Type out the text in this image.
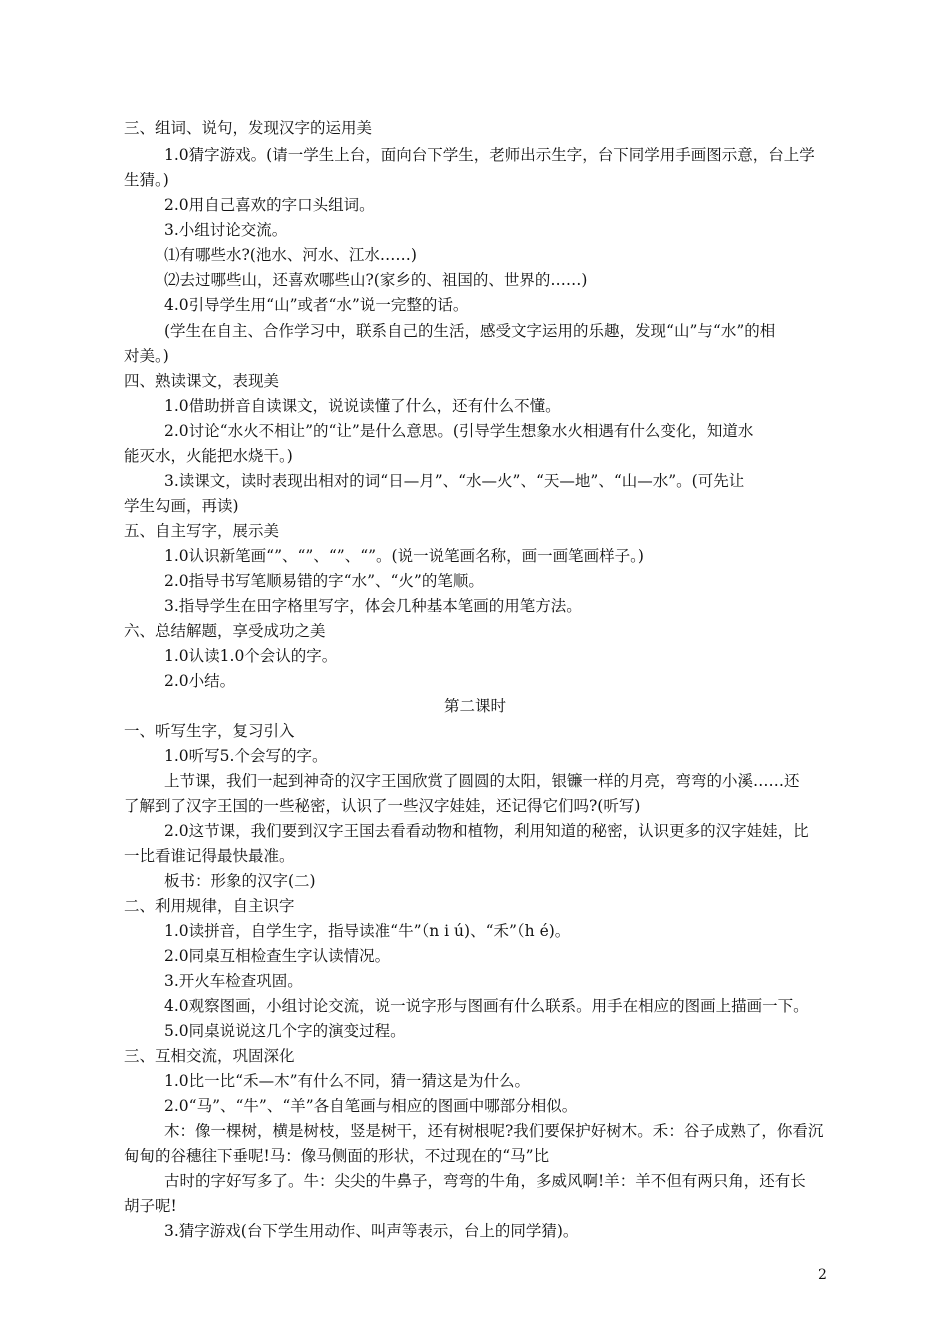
三、组词、说句，发现汉字的运用美

1.0猜字游戏。(请一学生上台，面向台下学生，老师出示生字，台下同学用手画图示意，台上学

生猜。)

2.0用自己喜欢的字口头组词。

3.小组讨论交流。

⑴有哪些水?(池水、河水、江水……)

⑵去过哪些山，还喜欢哪些山?(家乡的、祖国的、世界的……)

4.0引导学生用“山”或者“水”说一完整的话。

(学生在自主、合作学习中，联系自己的生活，感受文字运用的乐趣，发现“山”与“水”的相

对美。)

四、熟读课文，表现美

1.0借助拼音自读课文，说说读懂了什么，还有什么不懂。

2.0讨论“水火不相让”的“让”是什么意思。(引导学生想象水火相遇有什么变化，知道水

能灭水，火能把水烧干。)

3.读课文，读时表现出相对的词“日—月”、“水—火”、“天—地”、“山—水”。(可先让

学生勾画，再读)

五、自主写字，展示美

1.0认识新笔画“”、“”、“”、“”。(说一说笔画名称，画一画笔画样子。)

2.0指导书写笔顺易错的字“水”、“火”的笔顺。

3.指导学生在田字格里写字，体会几种基本笔画的用笔方法。

六、总结解题，享受成功之美

1.0认读1.0个会认的字。

2.0小结。

第二课时

一、听写生字，复习引入

1.0听写5.个会写的字。

上节课，我们一起到神奇的汉字王国欣赏了圆圆的太阳，银镰一样的月亮，弯弯的小溪……还

了解到了汉字王国的一些秘密，认识了一些汉字娃娃，还记得它们吗?(听写)

2.0这节课，我们要到汉字王国去看看动物和植物，利用知道的秘密，认识更多的汉字娃娃，比

一比看谁记得最快最准。

板书：形象的汉字(二)

二、利用规律，自主识字

1.0读拼音，自学生字，指导读准“牛”（n i ú)、“禾”（h é)。

2.0同桌互相检查生字认读情况。

3.开火车检查巩固。

4.0观察图画，小组讨论交流，说一说字形与图画有什么联系。用手在相应的图画上描画一下。

5.0同桌说说这几个字的演变过程。

三、互相交流，巩固深化

1.0比一比“禾—木”有什么不同，猜一猜这是为什么。

2.0“马”、“牛”、“羊”各自笔画与相应的图画中哪部分相似。

木：像一棵树，横是树枝，竖是树干，还有树根呢?我们要保护好树木。禾：谷子成熟了，你看沉

甸甸的谷穗往下垂呢!马：像马侧面的形状，不过现在的“马”比

古时的字好写多了。牛：尖尖的牛鼻子，弯弯的牛角，多威风啊!羊：羊不但有两只角，还有长

胡子呢!

3.猜字游戏(台下学生用动作、叫声等表示，台上的同学猜)。

2
